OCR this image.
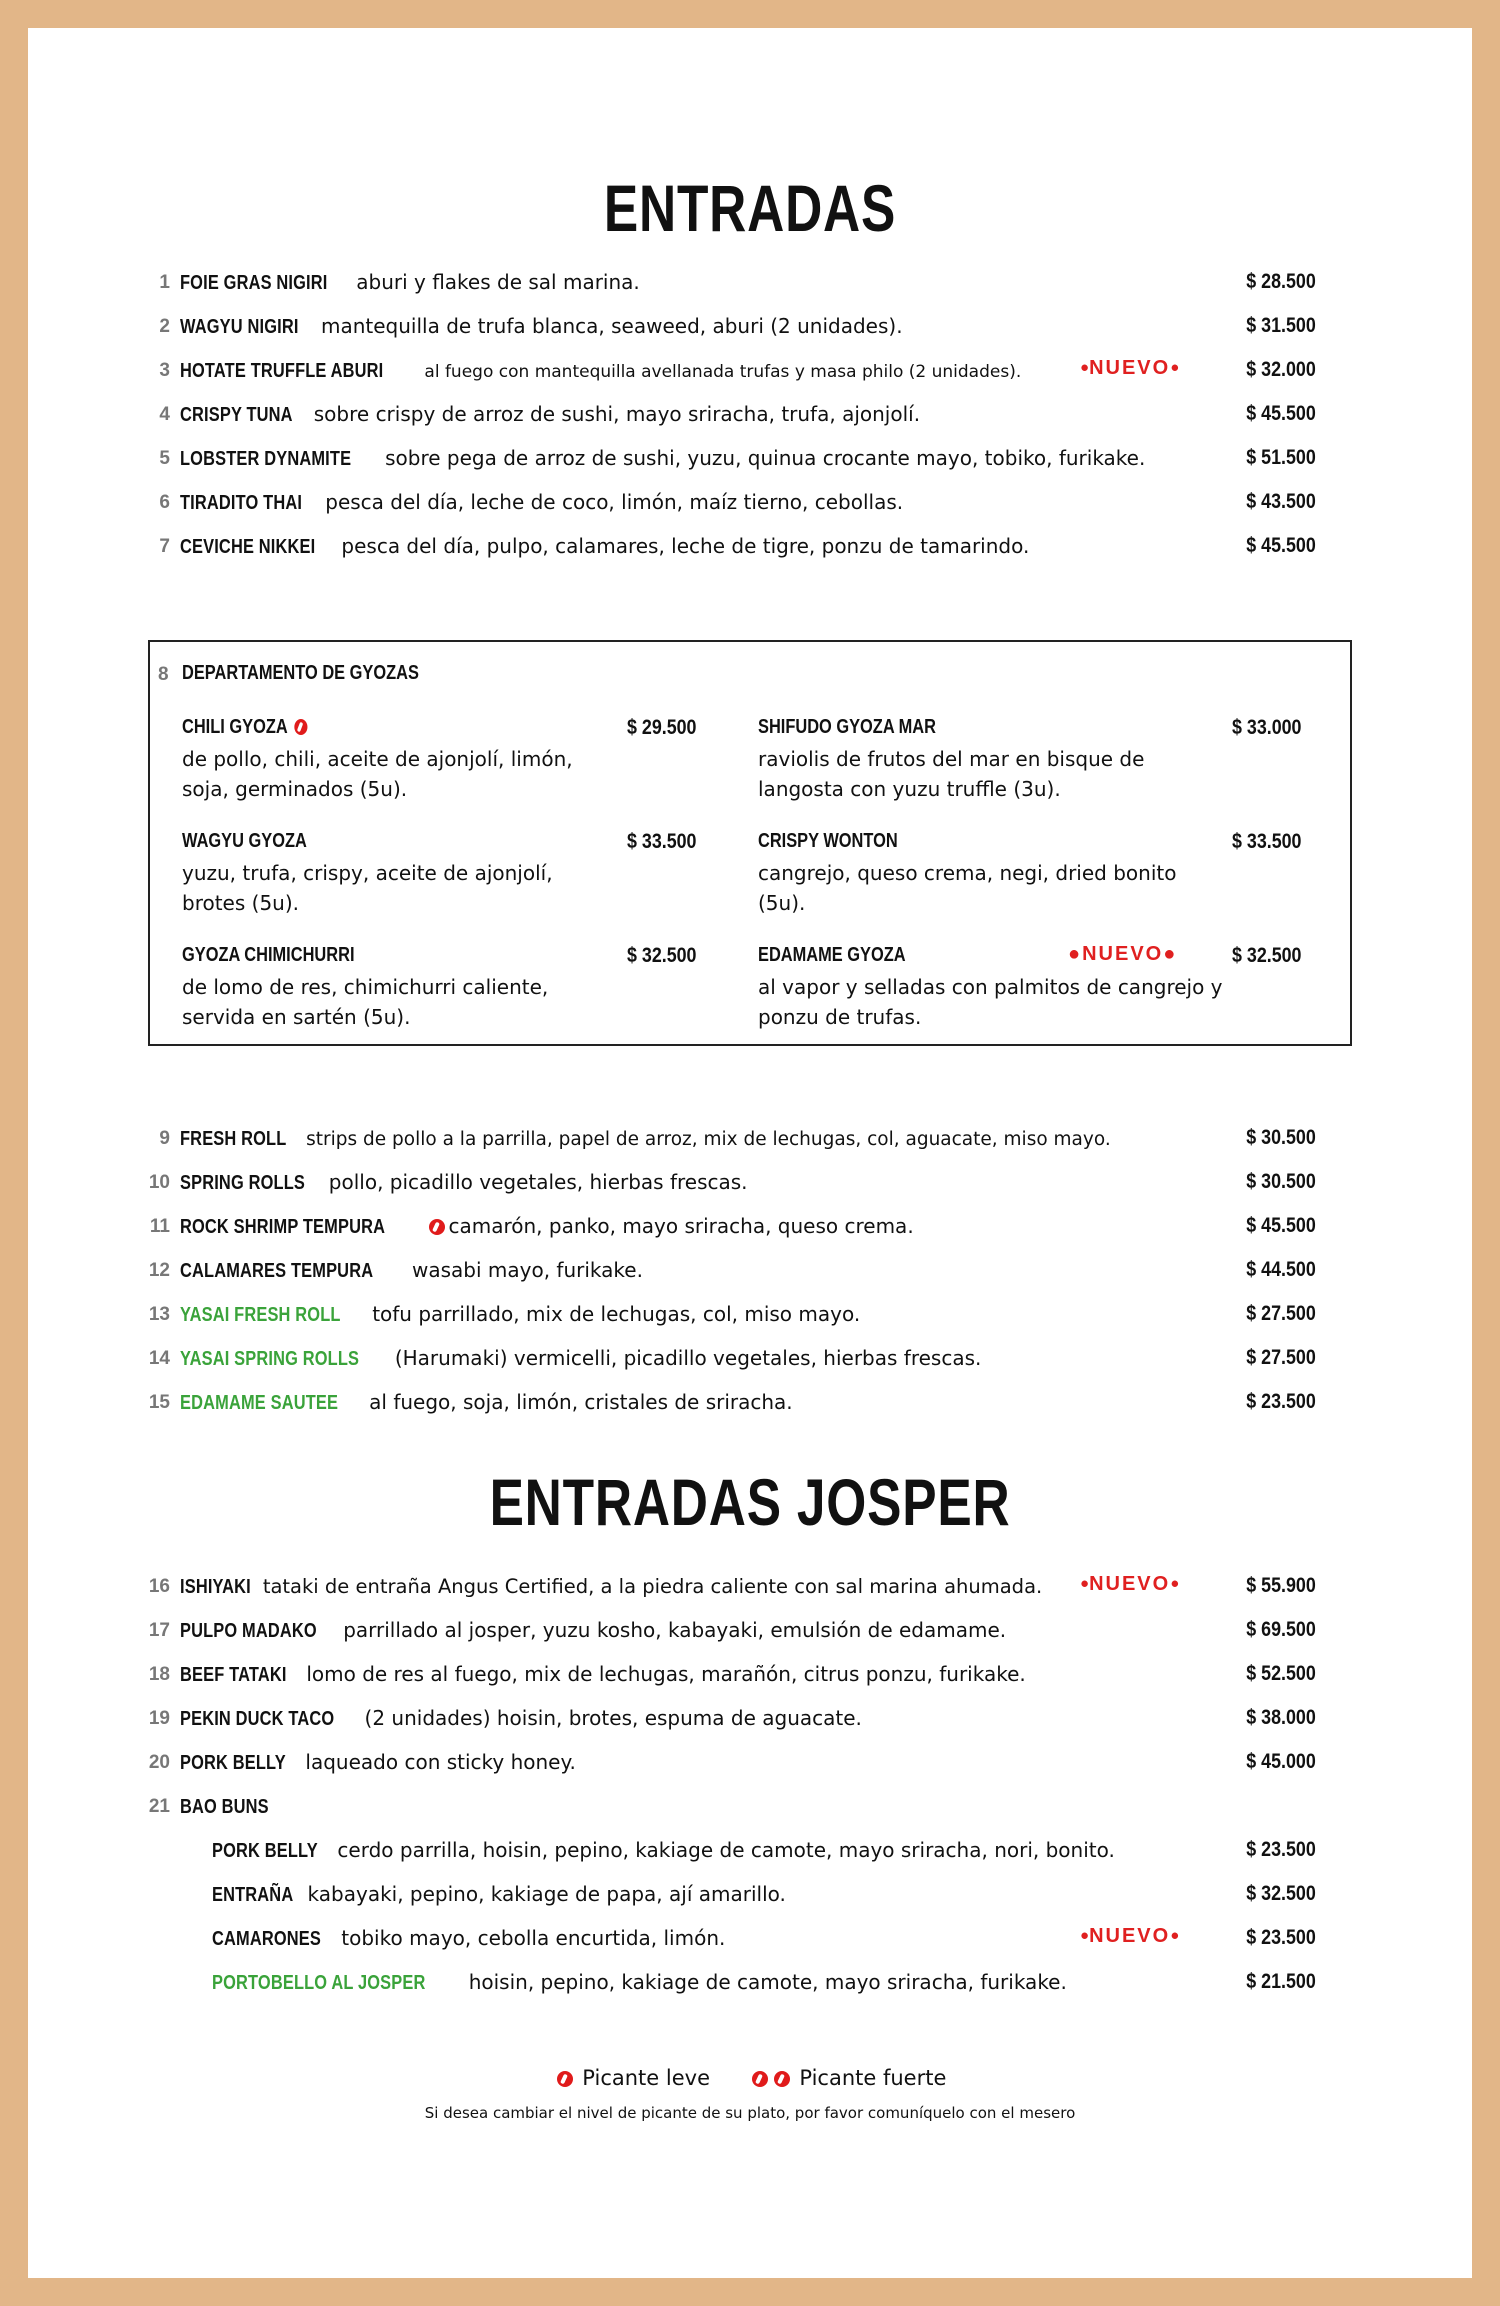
ENTRADAS
1 FOIE GRAS NIGIRI aburi y flakes de sal marina.	$ 28.500
2 WAGYU NIGIRI mantequilla de trufa blanca, seaweed, aburi (2 unidades).	$ 31.500
3 HOTATE TRUFFLE ABURI al fuego con mantequilla avellanada trufas y masa philo (2 unidades).	●NUEVO●	$ 32.000
4 CRISPY TUNA sobre crispy de arroz de sushi, mayo sriracha, trufa, ajonjolí.	$ 45.500
5 LOBSTER DYNAMITE sobre pega de arroz de sushi, yuzu, quinua crocante mayo, tobiko, furikake.	$ 51.500
6 TIRADITO THAI pesca del día, leche de coco, limón, maíz tierno, cebollas.	$ 43.500
7 CEVICHE NIKKEI pesca del día, pulpo, calamares, leche de tigre, ponzu de tamarindo.	$ 45.500
8 DEPARTAMENTO DE GYOZAS
CHILI GYOZA	$ 29.500
de pollo, chili, aceite de ajonjolí, limón, soja, germinados (5u).
SHIFUDO GYOZA MAR	$ 33.000
raviolis de frutos del mar en bisque de langosta con yuzu truffle (3u).
WAGYU GYOZA	$ 33.500
yuzu, trufa, crispy, aceite de ajonjolí, brotes (5u).
CRISPY WONTON	$ 33.500
cangrejo, queso crema, negi, dried bonito (5u).
GYOZA CHIMICHURRI	$ 32.500
de lomo de res, chimichurri caliente, servida en sartén (5u).
EDAMAME GYOZA	●NUEVO●	$ 32.500
al vapor y selladas con palmitos de cangrejo y ponzu de trufas.
9 FRESH ROLL strips de pollo a la parrilla, papel de arroz, mix de lechugas, col, aguacate, miso mayo.	$ 30.500
10 SPRING ROLLS pollo, picadillo vegetales, hierbas frescas.	$ 30.500
11 ROCK SHRIMP TEMPURA	camarón, panko, mayo sriracha, queso crema.	$ 45.500
12 CALAMARES TEMPURA wasabi mayo, furikake.	$ 44.500
13 YASAI FRESH ROLL tofu parrillado, mix de lechugas, col, miso mayo.	$ 27.500
14 YASAI SPRING ROLLS (Harumaki) vermicelli, picadillo vegetales, hierbas frescas.	$ 27.500
15 EDAMAME SAUTEE al fuego, soja, limón, cristales de sriracha.	$ 23.500
ENTRADAS JOSPER
16 ISHIYAKI tataki de entraña Angus Certified, a la piedra caliente con sal marina ahumada.	●NUEVO●	$ 55.900
17 PULPO MADAKO parrillado al josper, yuzu kosho, kabayaki, emulsión de edamame.	$ 69.500
18 BEEF TATAKI lomo de res al fuego, mix de lechugas, marañón, citrus ponzu, furikake.	$ 52.500
19 PEKIN DUCK TACO (2 unidades) hoisin, brotes, espuma de aguacate.	$ 38.000
20 PORK BELLY laqueado con sticky honey.	$ 45.000
21 BAO BUNS
PORK BELLY cerdo parrilla, hoisin, pepino, kakiage de camote, mayo sriracha, nori, bonito.	$ 23.500
ENTRAÑA kabayaki, pepino, kakiage de papa, ají amarillo.	$ 32.500
CAMARONES tobiko mayo, cebolla encurtida, limón.	●NUEVO●	$ 23.500
PORTOBELLO AL JOSPER hoisin, pepino, kakiage de camote, mayo sriracha, furikake.	$ 21.500
Picante leve	Picante fuerte
Si desea cambiar el nivel de picante de su plato, por favor comuníquelo con el mesero
